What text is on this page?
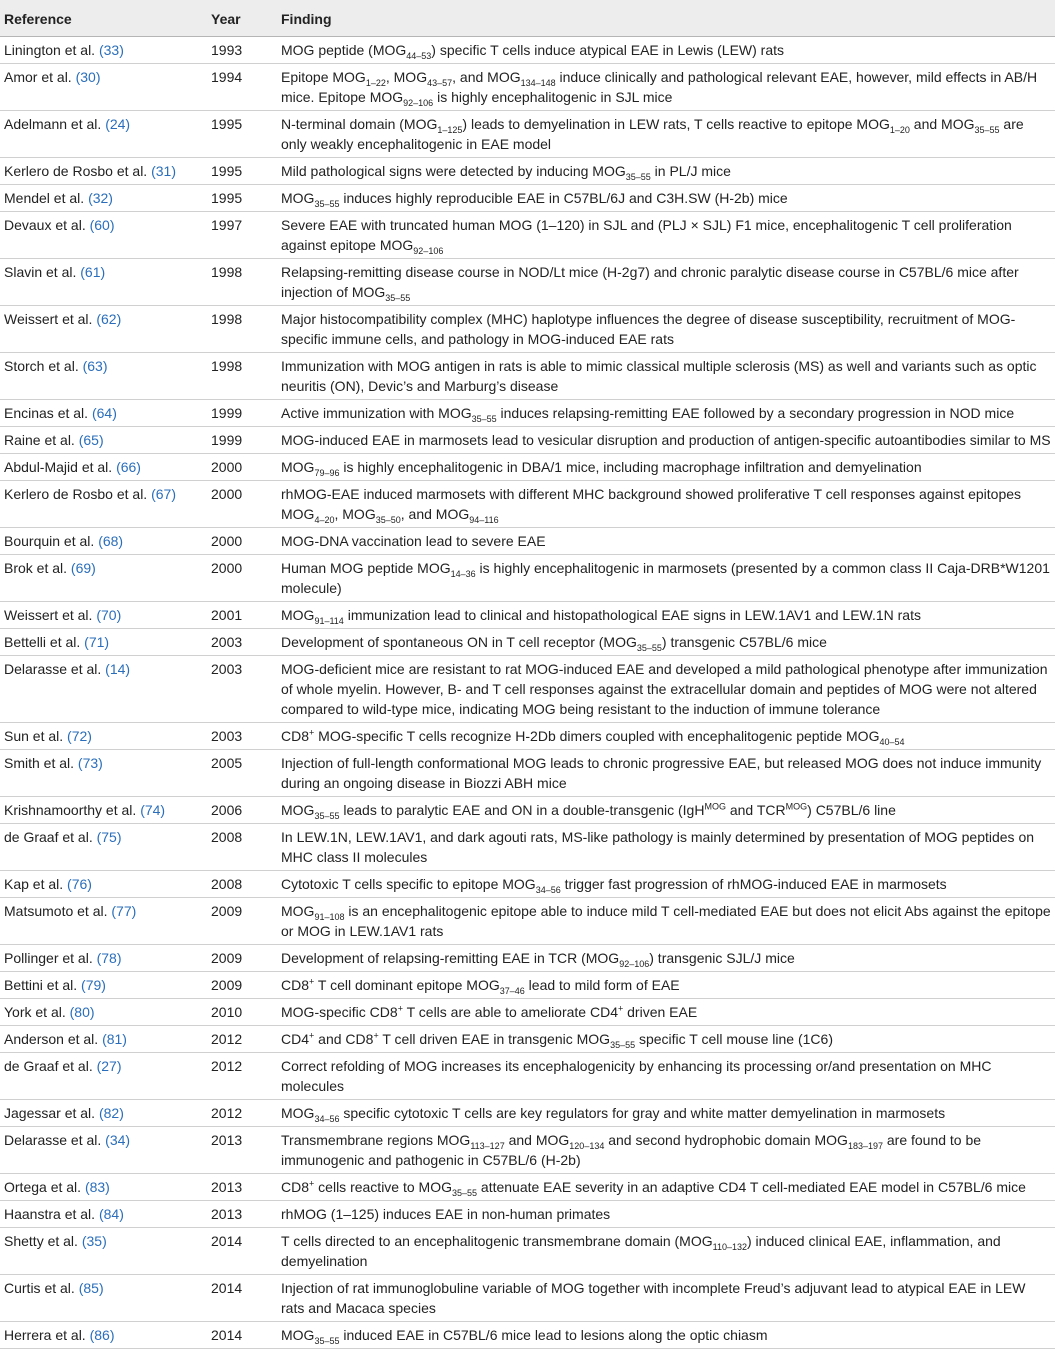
Reference	Year	Finding
Linington et al. (33)	1993	MOG peptide $(MOG_{44-53})$ specific T cells induce atypical EAE in Lewis (LEW) rats
Amor et al. (30)	1994	Epitope $MOG_{1-22}$, $MOG_{43-57}$, and $MOG_{134-148}$ induce clinically and pathological relevant EAE, however, mild effects in AB/H mice. Epitope $MOG_{92-106}$ is highly encephalitogenic in SJL mice
Adelmann et al. (24)	1995	N-terminal domain $(MOG_{1-125})$ leads to demyelination in LEW rats, T cells reactive to epitope $MOG_{1-20}$ and $MOG_{35-55}$ are only weakly encephalitogenic in EAE model
Kerlero de Rosbo et al. (31)	1995	Mild pathological signs were detected by inducing $MOG_{35-55}$ in PL/J mice
Mendel et al. (32)	1995	$MOG_{35-55}$ induces highly reproducible EAE in C57BL/6J and C3H.SW (H-2b) mice
Devaux et al. (60)	1997	Severe EAE with truncated human MOG (1–120) in SJL and (PLJ × SJL) F1 mice, encephalitogenic T cell proliferation against epitope $MOG_{92-106}$
Slavin et al. (61)	1998	Relapsing-remitting disease course in NOD/Lt mice (H-2g7) and chronic paralytic disease course in C57BL/6 mice after injection of $MOG_{35-55}$
Weissert et al. (62)	1998	Major histocompatibility complex (MHC) haplotype influences the degree of disease susceptibility, recruitment of MOG-specific immune cells, and pathology in MOG-induced EAE rats
Storch et al. (63)	1998	Immunization with MOG antigen in rats is able to mimic classical multiple sclerosis (MS) as well and variants such as optic neuritis (ON), Devic’s and Marburg’s disease
Encinas et al. (64)	1999	Active immunization with $MOG_{35-55}$ induces relapsing-remitting EAE followed by a secondary progression in NOD mice
Raine et al. (65)	1999	MOG-induced EAE in marmosets lead to vesicular disruption and production of antigen-specific autoantibodies similar to MS
Abdul-Majid et al. (66)	2000	$MOG_{79-96}$ is highly encephalitogenic in DBA/1 mice, including macrophage infiltration and demyelination
Kerlero de Rosbo et al. (67)	2000	rhMOG-EAE induced marmosets with different MHC background showed proliferative T cell responses against epitopes $MOG_{4-20}$, $MOG_{35-50}$, and $MOG_{94-116}$
Bourquin et al. (68)	2000	MOG-DNA vaccination lead to severe EAE
Brok et al. (69)	2000	Human MOG peptide $MOG_{14-36}$ is highly encephalitogenic in marmosets (presented by a common class II Caja-DRB*W1201 molecule)
Weissert et al. (70)	2001	$MOG_{91-114}$ immunization lead to clinical and histopathological EAE signs in LEW.1AV1 and LEW.1N rats
Bettelli et al. (71)	2003	Development of spontaneous ON in T cell receptor $(MOG_{35-55})$ transgenic C57BL/6 mice
Delarasse et al. (14)	2003	MOG-deficient mice are resistant to rat MOG-induced EAE and developed a mild pathological phenotype after immunization of whole myelin. However, B- and T cell responses against the extracellular domain and peptides of MOG were not altered compared to wild-type mice, indicating MOG being resistant to the induction of immune tolerance
Sun et al. (72)	2003	CD8+ MOG-specific T cells recognize H-2Db dimers coupled with encephalitogenic peptide $MOG_{40-54}$
Smith et al. (73)	2005	Injection of full-length conformational MOG leads to chronic progressive EAE, but released MOG does not induce immunity during an ongoing disease in Biozzi ABH mice
Krishnamoorthy et al. (74)	2006	$MOG_{35-55}$ leads to paralytic EAE and ON in a double-transgenic (IgH$^{MOG}$ and $TCR^{MOG}$) C57BL/6 line
de Graaf et al. (75)	2008	In LEW.1N, LEW.1AV1, and dark agouti rats, MS-like pathology is mainly determined by presentation of MOG peptides on MHC class II molecules
Kap et al. (76)	2008	Cytotoxic T cells specific to epitope $MOG_{34-56}$ trigger fast progression of rhMOG-induced EAE in marmosets
Matsumoto et al. (77)	2009	$MOG_{91-108}$ is an encephalitogenic epitope able to induce mild T cell-mediated EAE but does not elicit Abs against the epitope or MOG in LEW.1AV1 rats
Pollinger et al. (78)	2009	Development of relapsing-remitting EAE in TCR $(MOG_{92-106})$ transgenic SJL/J mice
Bettini et al. (79)	2009	CD8+ T cell dominant epitope $MOG_{37-46}$ lead to mild form of EAE
York et al. (80)	2010	MOG-specific CD8+ T cells are able to ameliorate CD4+ driven EAE
Anderson et al. (81)	2012	CD4+ and CD8+ T cell driven EAE in transgenic $MOG_{35-55}$ specific T cell mouse line (1C6)
de Graaf et al. (27)	2012	Correct refolding of MOG increases its encephalogenicity by enhancing its processing or/and presentation on MHC molecules
Jagessar et al. (82)	2012	$MOG_{34-56}$ specific cytotoxic T cells are key regulators for gray and white matter demyelination in marmosets
Delarasse et al. (34)	2013	Transmembrane regions $MOG_{113-127}$ and $MOG_{120-134}$ and second hydrophobic domain $MOG_{183-197}$ are found to be immunogenic and pathogenic in C57BL/6 (H-2b)
Ortega et al. (83)	2013	CD8+ cells reactive to $MOG_{35-55}$ attenuate EAE severity in an adaptive CD4 T cell-mediated EAE model in C57BL/6 mice
Haanstra et al. (84)	2013	rhMOG (1–125) induces EAE in non-human primates
Shetty et al. (35)	2014	T cells directed to an encephalitogenic transmembrane domain $(MOG_{110-132})$ induced clinical EAE, inflammation, and demyelination
Curtis et al. (85)	2014	Injection of rat immunoglobuline variable of MOG together with incomplete Freud’s adjuvant lead to atypical EAE in LEW rats and Macaca species
Herrera et al. (86)	2014	$MOG_{35-55}$ induced EAE in C57BL/6 mice lead to lesions along the optic chiasm
